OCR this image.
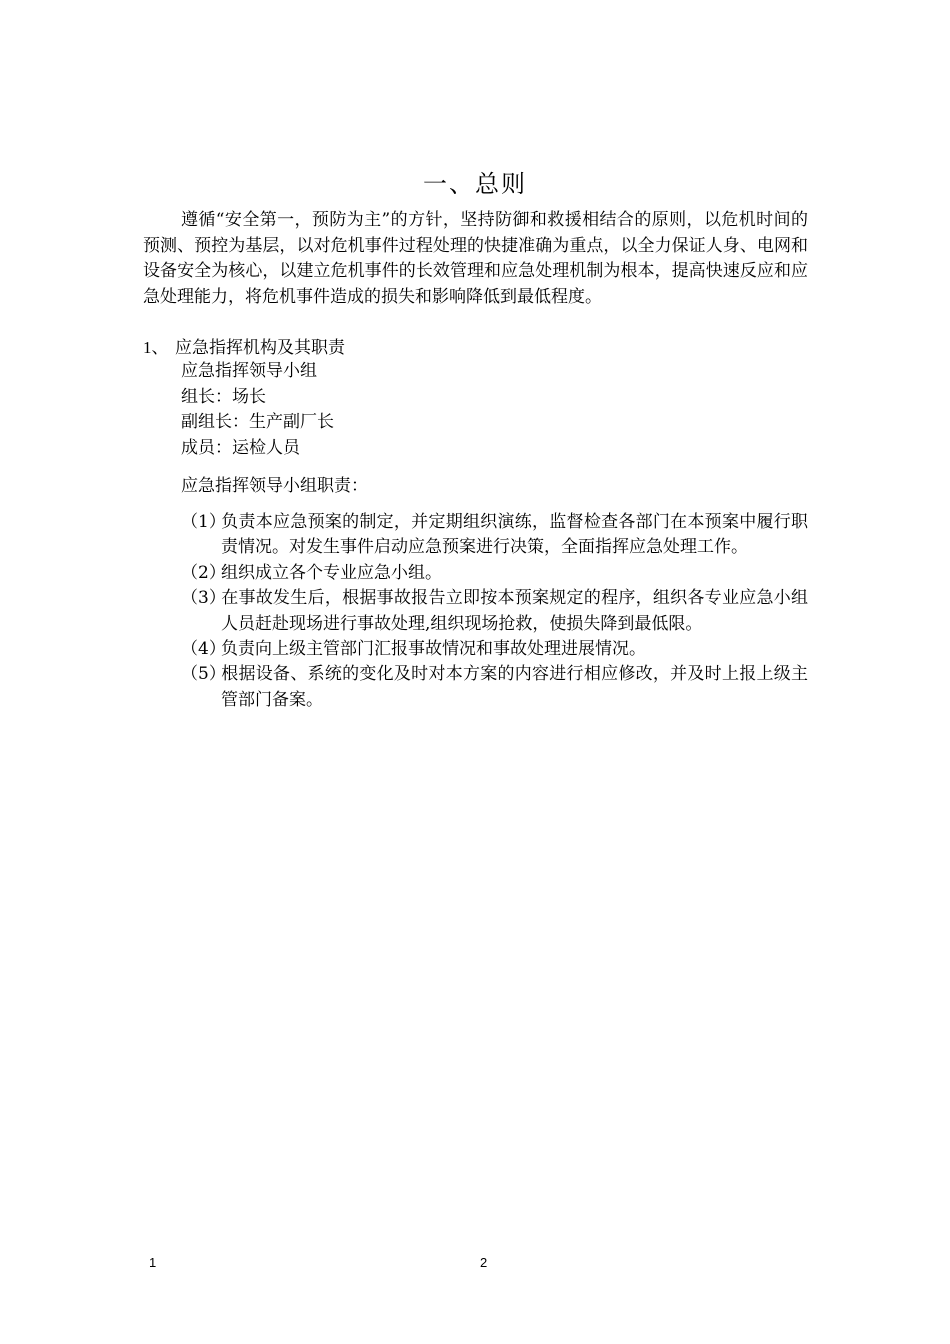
一、总则

遵循“安全第一，预防为主”的方针，坚持防御和救援相结合的原则，以危机时间的预测、预控为基层，以对危机事件过程处理的快捷准确为重点，以全力保证人身、电网和设备安全为核心，以建立危机事件的长效管理和应急处理机制为根本，提高快速反应和应急处理能力，将危机事件造成的损失和影响降低到最低程度。

1、 应急指挥机构及其职责
应急指挥领导小组
组长：场长
副组长：生产副厂长
成员：运检人员
应急指挥领导小组职责：
（1）负责本应急预案的制定，并定期组织演练，监督检查各部门在本预案中履行职责情况。对发生事件启动应急预案进行决策，全面指挥应急处理工作。
（2）组织成立各个专业应急小组。
（3）在事故发生后，根据事故报告立即按本预案规定的程序，组织各专业应急小组人员赶赴现场进行事故处理,组织现场抢救，使损失降到最低限。
（4）负责向上级主管部门汇报事故情况和事故处理进展情况。
（5）根据设备、系统的变化及时对本方案的内容进行相应修改，并及时上报上级主管部门备案。
1	2
